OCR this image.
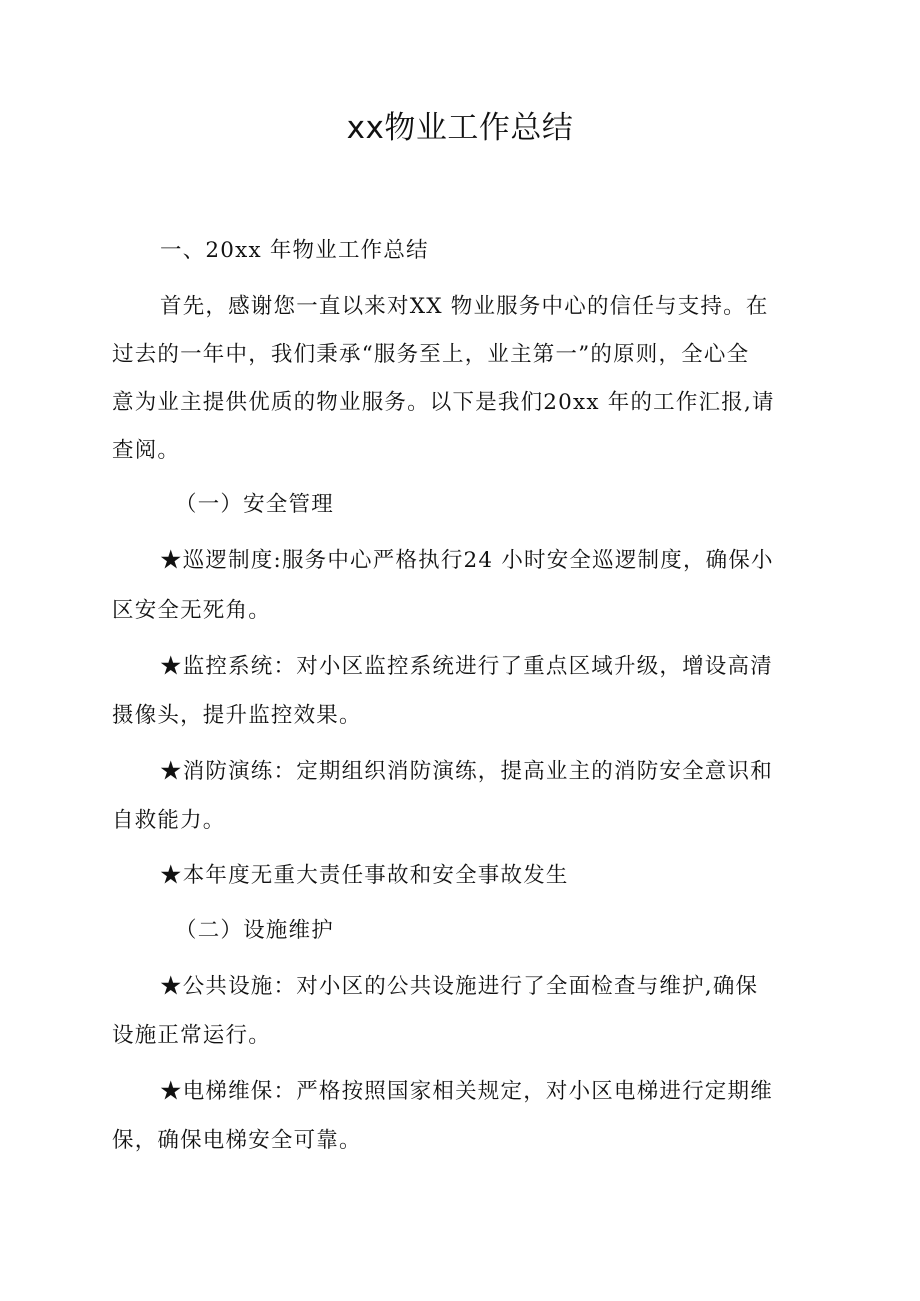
xx物业工作总结
一、20xx 年物业工作总结
首先，感谢您一直以来对XX 物业服务中心的信任与支持。在
过去的一年中，我们秉承“服务至上，业主第一”的原则，全心全
意为业主提供优质的物业服务。以下是我们20xx 年的工作汇报,请
查阅。
（一）安全管理
★巡逻制度:服务中心严格执行24 小时安全巡逻制度，确保小
区安全无死角。
★监控系统：对小区监控系统进行了重点区域升级，增设高清
摄像头，提升监控效果。
★消防演练：定期组织消防演练，提高业主的消防安全意识和
自救能力。
★本年度无重大责任事故和安全事故发生
（二）设施维护
★公共设施：对小区的公共设施进行了全面检查与维护,确保
设施正常运行。
★电梯维保：严格按照国家相关规定，对小区电梯进行定期维
保，确保电梯安全可靠。
